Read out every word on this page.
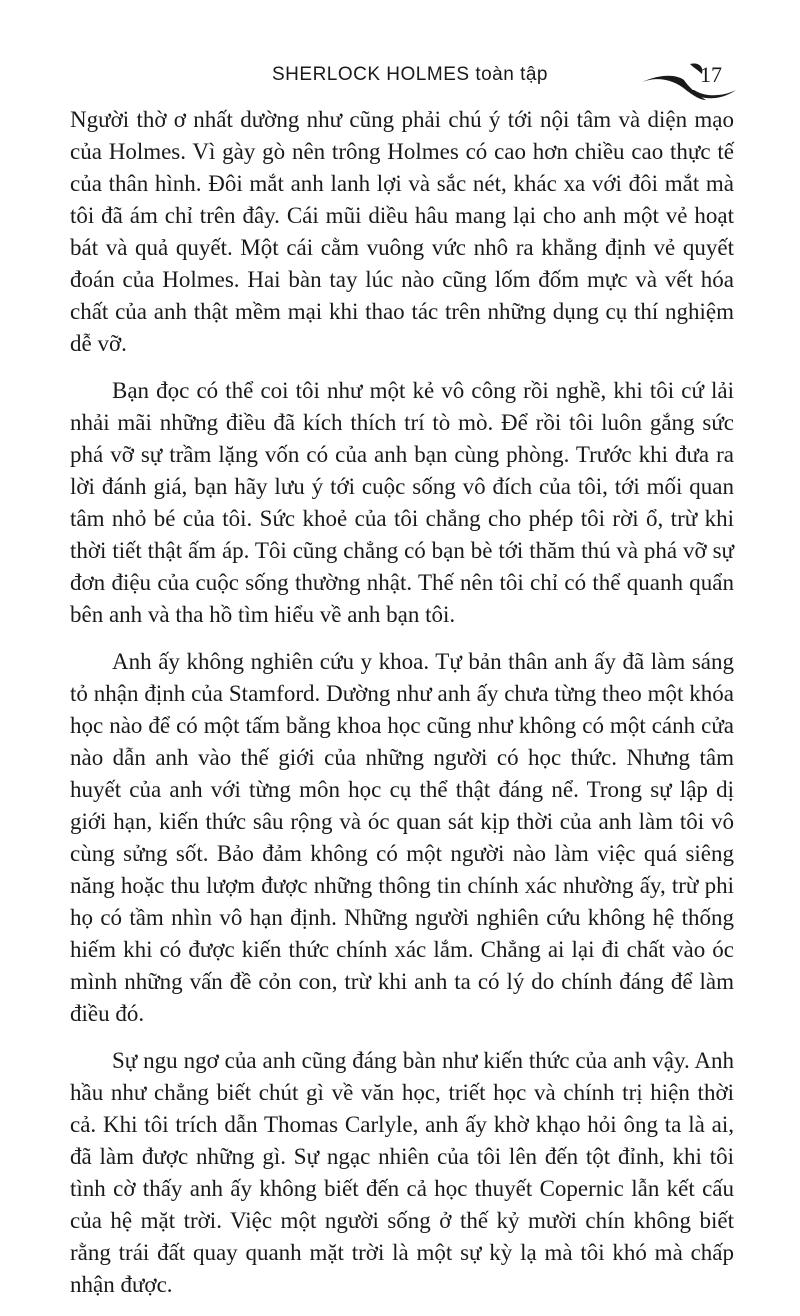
SHERLOCK HOLMES toàn tập	17

Người thờ ơ nhất dường như cũng phải chú ý tới nội tâm và diện mạo của Holmes. Vì gày gò nên trông Holmes có cao hơn chiều cao thực tế của thân hình. Đôi mắt anh lanh lợi và sắc nét, khác xa với đôi mắt mà tôi đã ám chỉ trên đây. Cái mũi diều hâu mang lại cho anh một vẻ hoạt bát và quả quyết. Một cái cằm vuông vức nhô ra khẳng định vẻ quyết đoán của Holmes. Hai bàn tay lúc nào cũng lốm đốm mực và vết hóa chất của anh thật mềm mại khi thao tác trên những dụng cụ thí nghiệm dễ vỡ.

Bạn đọc có thể coi tôi như một kẻ vô công rồi nghề, khi tôi cứ lải nhải mãi những điều đã kích thích trí tò mò. Để rồi tôi luôn gắng sức phá vỡ sự trầm lặng vốn có của anh bạn cùng phòng. Trước khi đưa ra lời đánh giá, bạn hãy lưu ý tới cuộc sống vô đích của tôi, tới mối quan tâm nhỏ bé của tôi. Sức khoẻ của tôi chẳng cho phép tôi rời ổ, trừ khi thời tiết thật ấm áp. Tôi cũng chẳng có bạn bè tới thăm thú và phá vỡ sự đơn điệu của cuộc sống thường nhật. Thế nên tôi chỉ có thể quanh quẩn bên anh và tha hồ tìm hiểu về anh bạn tôi.

Anh ấy không nghiên cứu y khoa. Tự bản thân anh ấy đã làm sáng tỏ nhận định của Stamford. Dường như anh ấy chưa từng theo một khóa học nào để có một tấm bằng khoa học cũng như không có một cánh cửa nào dẫn anh vào thế giới của những người có học thức. Nhưng tâm huyết của anh với từng môn học cụ thể thật đáng nể. Trong sự lập dị giới hạn, kiến thức sâu rộng và óc quan sát kịp thời của anh làm tôi vô cùng sửng sốt. Bảo đảm không có một người nào làm việc quá siêng năng hoặc thu lượm được những thông tin chính xác nhường ấy, trừ phi họ có tầm nhìn vô hạn định. Những người nghiên cứu không hệ thống hiếm khi có được kiến thức chính xác lắm. Chẳng ai lại đi chất vào óc mình những vấn đề cỏn con, trừ khi anh ta có lý do chính đáng để làm điều đó.

Sự ngu ngơ của anh cũng đáng bàn như kiến thức của anh vậy. Anh hầu như chẳng biết chút gì về văn học, triết học và chính trị hiện thời cả. Khi tôi trích dẫn Thomas Carlyle, anh ấy khờ khạo hỏi ông ta là ai, đã làm được những gì. Sự ngạc nhiên của tôi lên đến tột đỉnh, khi tôi tình cờ thấy anh ấy không biết đến cả học thuyết Copernic lẫn kết cấu của hệ mặt trời. Việc một người sống ở thế kỷ mười chín không biết rằng trái đất quay quanh mặt trời là một sự kỳ lạ mà tôi khó mà chấp nhận được.
